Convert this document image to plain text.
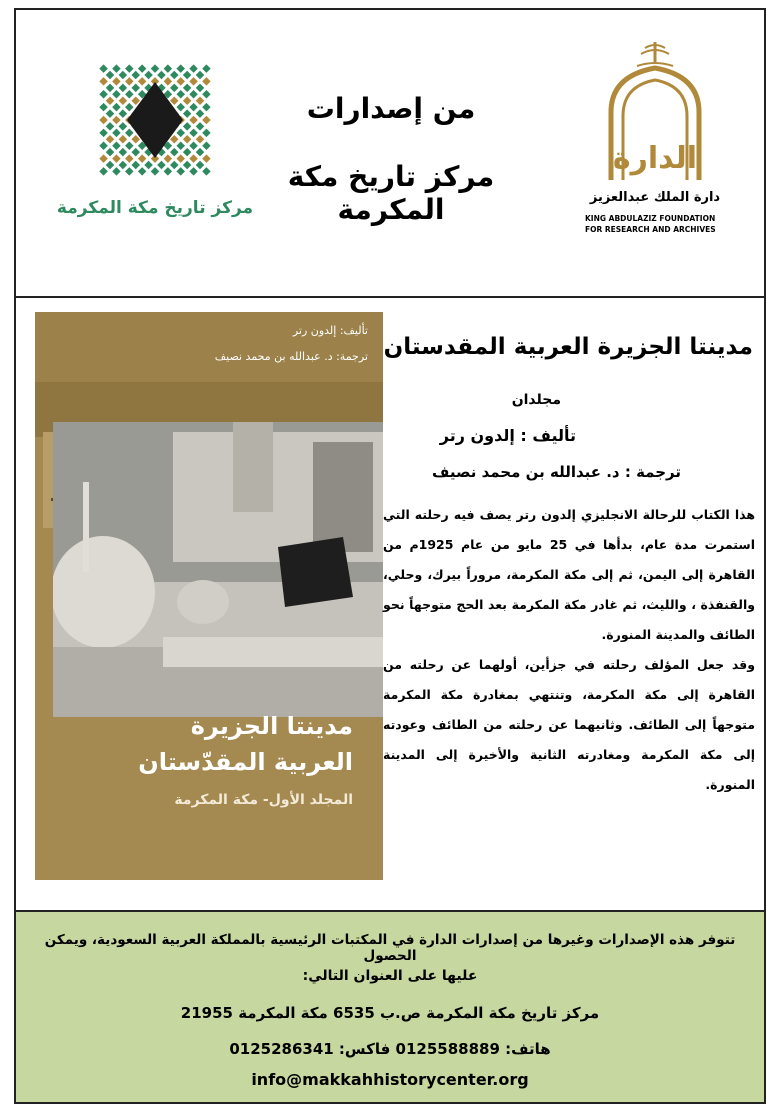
مركز تاريخ مكة المكرمة
من إصدارات
مركز تاريخ مكة المكرمة
الدارة
دارة الملك عبدالعزيز
KING ABDULAZIZ FOUNDATION
FOR RESEARCH AND ARCHIVES
تأليف: إلدون رتر
ترجمة: د. عبدالله بن محمد نصيف
مدينتا الجزيرة
العربية المقدّستان
المجلد الأول- مكة المكرمة
مدينتا الجزيرة العربية المقدستان
مجلدان
تأليف : إلدون رتر
ترجمة : د. عبدالله بن محمد نصيف

هذا الكتاب للرحالة الانجليزي إلدون رتر يصف فيه رحلته التي استمرت مدة عام، بدأها في 25 مايو من عام 1925م من القاهرة إلى اليمن، ثم إلى مكة المكرمة، مروراً بيرك، وحلي، والقنفذة ، والليث، ثم غادر مكة المكرمة بعد الحج متوجهاً نحو الطائف والمدينة المنورة.

وقد جعل المؤلف رحلته في جزأين، أولهما عن رحلته من القاهرة إلى مكة المكرمة، وتنتهي بمغادرة مكة المكرمة متوجهاً إلى الطائف. وثانيهما عن رحلته من الطائف وعودته إلى مكة المكرمة ومغادرته الثانية والأخيرة إلى المدينة المنورة.

تتوفر هذه الإصدارات وغيرها من إصدارات الدارة في المكتبات الرئيسية بالمملكة العربية السعودية، ويمكن الحصول
عليها على العنوان التالي:
مركز تاريخ مكة المكرمة ص.ب 6535 مكة المكرمة 21955
هاتف: 0125588889 فاكس: 0125286341
info@makkahhistorycenter.org
